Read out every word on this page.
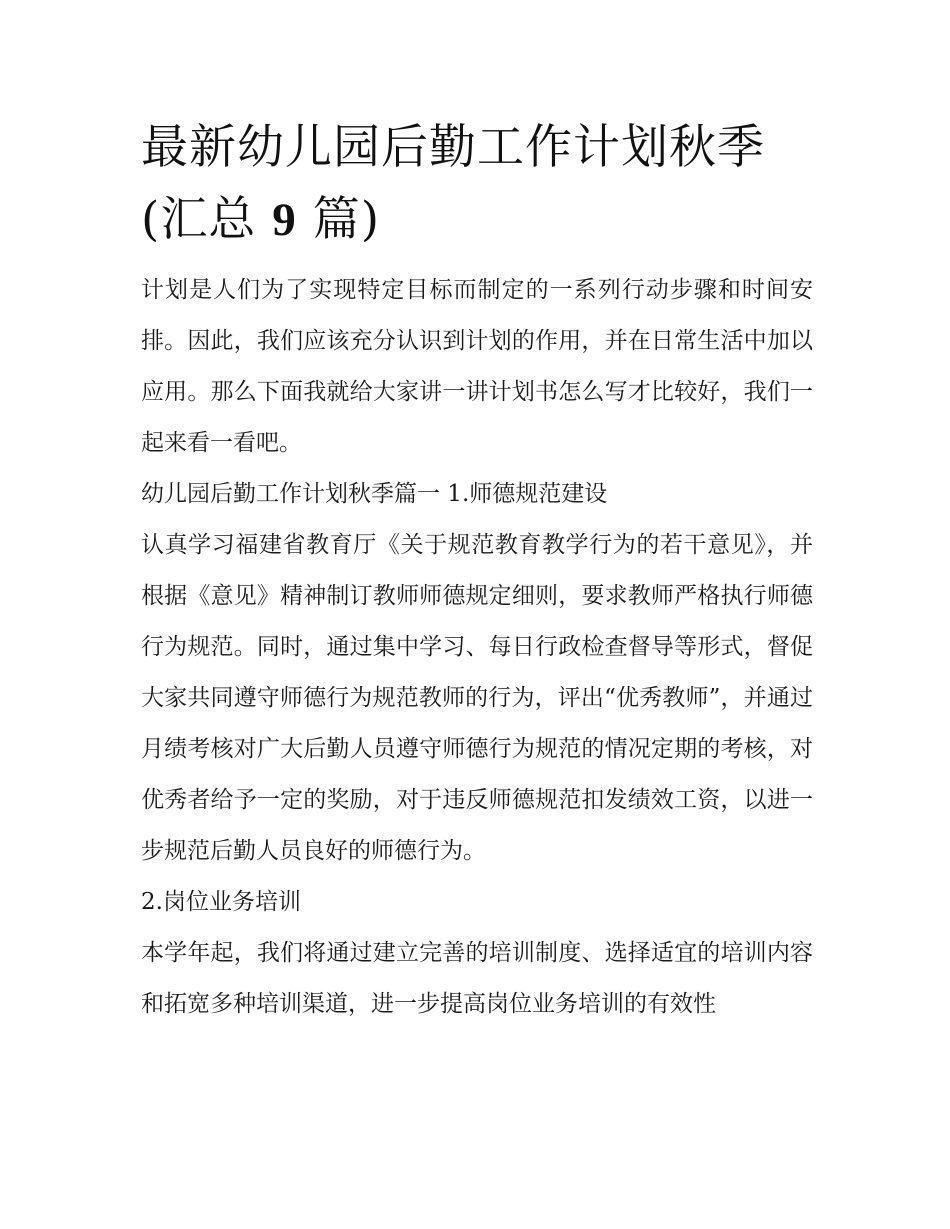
最新幼儿园后勤工作计划秋季
(汇总 9 篇)

计划是人们为了实现特定目标而制定的一系列行动步骤和时间安排。因此，我们应该充分认识到计划的作用，并在日常生活中加以应用。那么下面我就给大家讲一讲计划书怎么写才比较好，我们一起来看一看吧。

幼儿园后勤工作计划秋季篇一 1.师德规范建设

认真学习福建省教育厅《关于规范教育教学行为的若干意见》，并根据《意见》精神制订教师师德规定细则，要求教师严格执行师德行为规范。同时，通过集中学习、每日行政检查督导等形式，督促大家共同遵守师德行为规范教师的行为，评出“优秀教师”，并通过月绩考核对广大后勤人员遵守师德行为规范的情况定期的考核，对优秀者给予一定的奖励，对于违反师德规范扣发绩效工资，以进一步规范后勤人员良好的师德行为。

2.岗位业务培训

本学年起，我们将通过建立完善的培训制度、选择适宜的培训内容和拓宽多种培训渠道，进一步提高岗位业务培训的有效性
